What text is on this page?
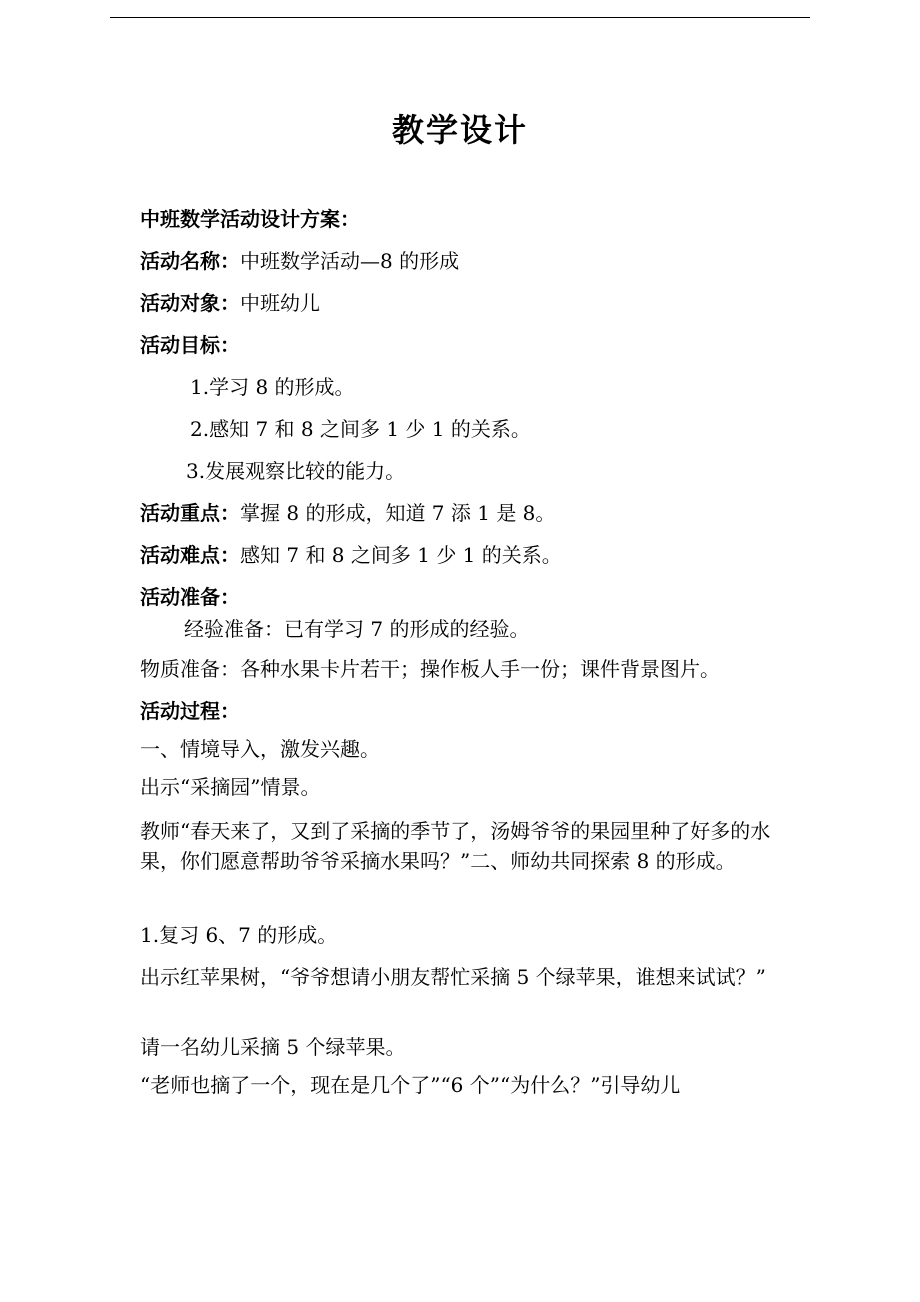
教学设计
中班数学活动设计方案：
活动名称：中班数学活动—8 的形成
活动对象：中班幼儿
活动目标：
1.学习 8 的形成。
2.感知 7 和 8 之间多 1 少 1 的关系。
3.发展观察比较的能力。
活动重点：掌握 8 的形成，知道 7 添 1 是 8。
活动难点：感知 7 和 8 之间多 1 少 1 的关系。
活动准备：
经验准备：已有学习 7 的形成的经验。
物质准备：各种水果卡片若干；操作板人手一份；课件背景图片。
活动过程：
一、情境导入，激发兴趣。
出示“采摘园”情景。
教师“春天来了，又到了采摘的季节了，汤姆爷爷的果园里种了好多的水果，你们愿意帮助爷爷采摘水果吗？”二、师幼共同探索 8 的形成。
1.复习 6、7 的形成。
出示红苹果树，“爷爷想请小朋友帮忙采摘 5 个绿苹果，谁想来试试？”
请一名幼儿采摘 5 个绿苹果。
“老师也摘了一个，现在是几个了”“6 个”“为什么？”引导幼儿
